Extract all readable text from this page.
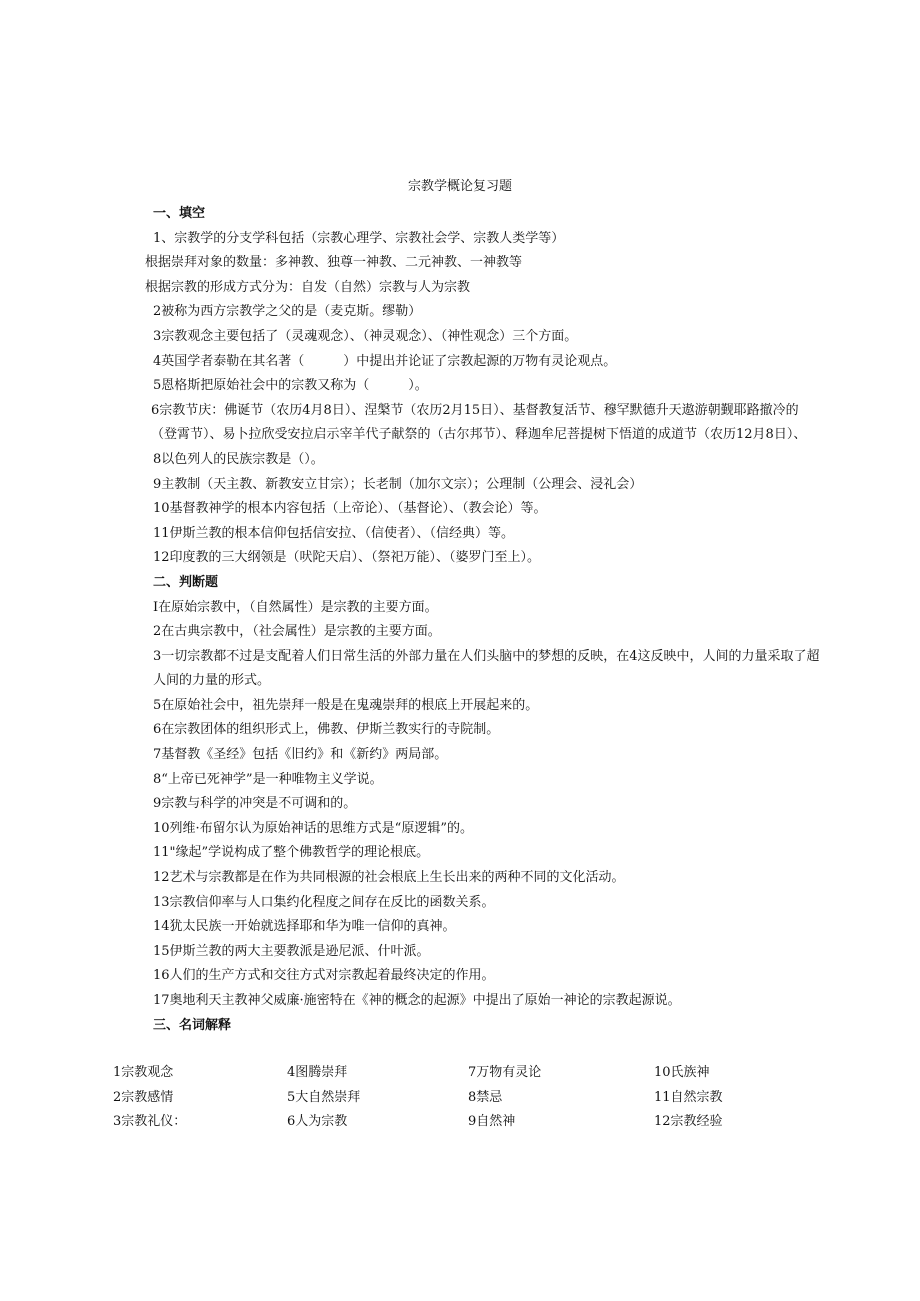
宗教学概论复习题
一、填空
1、宗教学的分支学科包括（宗教心理学、宗教社会学、宗教人类学等）
根据崇拜对象的数量：多神教、独尊一神教、二元神教、一神教等
根据宗教的形成方式分为：自发（自然）宗教与人为宗教
2被称为西方宗教学之父的是（麦克斯。缪勒）
3宗教观念主要包括了（灵魂观念）、（神灵观念）、（神性观念）三个方面。
4英国学者泰勒在其名著（　　　）中提出并论证了宗教起源的万物有灵论观点。
5恩格斯把原始社会中的宗教又称为（　　　）。
6宗教节庆：佛诞节（农历4月8日）、涅槃节（农历2月15日）、基督教复活节、穆罕默德升天遨游朝觐耶路撤冷的（登霄节）、易卜拉欣受安拉启示宰羊代子献祭的（古尔邦节）、释迦牟尼菩提树下悟道的成道节（农历12月8日）、
8以色列人的民族宗教是（）。
9主教制（天主教、新教安立甘宗）；长老制（加尔文宗）；公理制（公理会、浸礼会）
10基督教神学的根本内容包括（上帝论）、（基督论）、（教会论）等。
11伊斯兰教的根本信仰包括信安拉、（信使者）、（信经典）等。
12印度教的三大纲领是（吠陀天启）、（祭祀万能）、（婆罗门至上）。
二、判断题
I在原始宗教中，（自然属性）是宗教的主要方面。
2在古典宗教中，（社会属性）是宗教的主要方面。
3一切宗教都不过是支配着人们日常生活的外部力量在人们头脑中的梦想的反映，在4这反映中，人间的力量采取了超人间的力量的形式。
5在原始社会中，祖先崇拜一般是在鬼魂崇拜的根底上开展起来的。
6在宗教团体的组织形式上，佛教、伊斯兰教实行的寺院制。
7基督教《圣经》包括《旧约》和《新约》两局部。
8“上帝已死神学”是一种唯物主义学说。
9宗教与科学的冲突是不可调和的。
10列维·布留尔认为原始神话的思维方式是“原逻辑”的。
11"缘起”学说构成了整个佛教哲学的理论根底。
12艺术与宗教都是在作为共同根源的社会根底上生长出来的两种不同的文化活动。
13宗教信仰率与人口集约化程度之间存在反比的函数关系。
14犹太民族一开始就选择耶和华为唯一信仰的真神。
15伊斯兰教的两大主要教派是逊尼派、什叶派。
16人们的生产方式和交往方式对宗教起着最终决定的作用。
17奥地利天主教神父威廉·施密特在《神的概念的起源》中提出了原始一神论的宗教起源说。
三、名词解释
1宗教观念	4图腾崇拜	7万物有灵论	10氏族神
2宗教感情	5大自然崇拜	8禁忌	11自然宗教
3宗教礼仪：	6人为宗教	9自然神	12宗教经验
